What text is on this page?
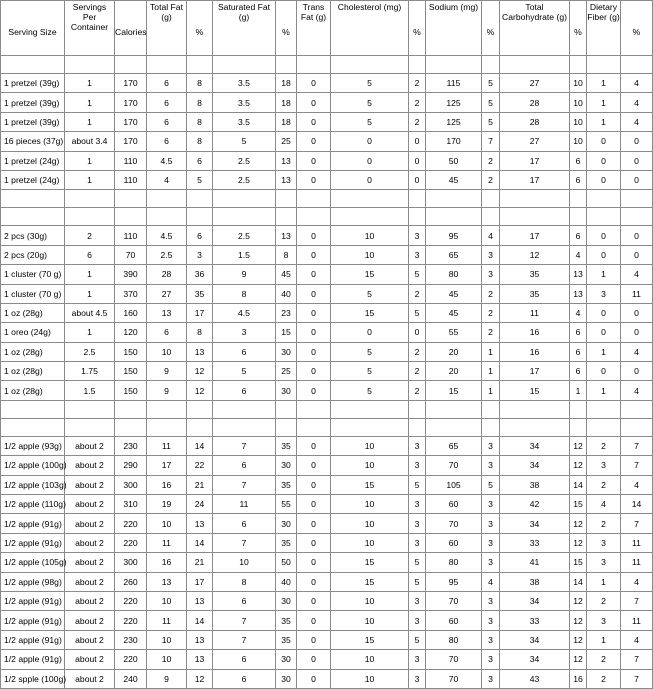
Serving Size	Servings Per Container	Calories	Total Fat (g)	%	Saturated Fat (g)	%	Trans Fat (g)	Cholesterol (mg)	%	Sodium (mg)	%	Total Carbohydrate (g)	%	Dietary Fiber (g)	%

1 pretzel (39g)	1	170	6	8	3.5	18	0	5	2	115	5	27	10	1	4
1 pretzel (39g)	1	170	6	8	3.5	18	0	5	2	125	5	28	10	1	4
1 pretzel (39g)	1	170	6	8	3.5	18	0	5	2	125	5	28	10	1	4
16 pieces (37g)	about 3.4	170	6	8	5	25	0	0	0	170	7	27	10	0	0
1 pretzel (24g)	1	110	4.5	6	2.5	13	0	0	0	50	2	17	6	0	0
1 pretzel (24g)	1	110	4	5	2.5	13	0	0	0	45	2	17	6	0	0

2 pcs (30g)	2	110	4.5	6	2.5	13	0	10	3	95	4	17	6	0	0
2 pcs (20g)	6	70	2.5	3	1.5	8	0	10	3	65	3	12	4	0	0
1 cluster (70 g)	1	390	28	36	9	45	0	15	5	80	3	35	13	1	4
1 cluster (70 g)	1	370	27	35	8	40	0	5	2	45	2	35	13	3	11
1 oz (28g)	about 4.5	160	13	17	4.5	23	0	15	5	45	2	11	4	0	0
1 oreo (24g)	1	120	6	8	3	15	0	0	0	55	2	16	6	0	0
1 oz (28g)	2.5	150	10	13	6	30	0	5	2	20	1	16	6	1	4
1 oz (28g)	1.75	150	9	12	5	25	0	5	2	20	1	17	6	0	0
1 oz (28g)	1.5	150	9	12	6	30	0	5	2	15	1	15	1	1	4

1/2 apple (93g)	about 2	230	11	14	7	35	0	10	3	65	3	34	12	2	7
1/2 apple (100g)	about 2	290	17	22	6	30	0	10	3	70	3	34	12	3	7
1/2 apple (103g)	about 2	300	16	21	7	35	0	15	5	105	5	38	14	2	4
1/2 apple (110g)	about 2	310	19	24	11	55	0	10	3	60	3	42	15	4	14
1/2 apple (91g)	about 2	220	10	13	6	30	0	10	3	70	3	34	12	2	7
1/2 apple (91g)	about 2	220	11	14	7	35	0	10	3	60	3	33	12	3	11
1/2 apple (105g)	about 2	300	16	21	10	50	0	15	5	80	3	41	15	3	11
1/2 apple (98g)	about 2	260	13	17	8	40	0	15	5	95	4	38	14	1	4
1/2 apple (91g)	about 2	220	10	13	6	30	0	10	3	70	3	34	12	2	7
1/2 apple (91g)	about 2	220	11	14	7	35	0	10	3	60	3	33	12	3	11
1/2 apple (91g)	about 2	230	10	13	7	35	0	15	5	80	3	34	12	1	4
1/2 apple (91g)	about 2	220	10	13	6	30	0	10	3	70	3	34	12	2	7
1/2 spple (100g)	about 2	240	9	12	6	30	0	10	3	70	3	43	16	2	7
